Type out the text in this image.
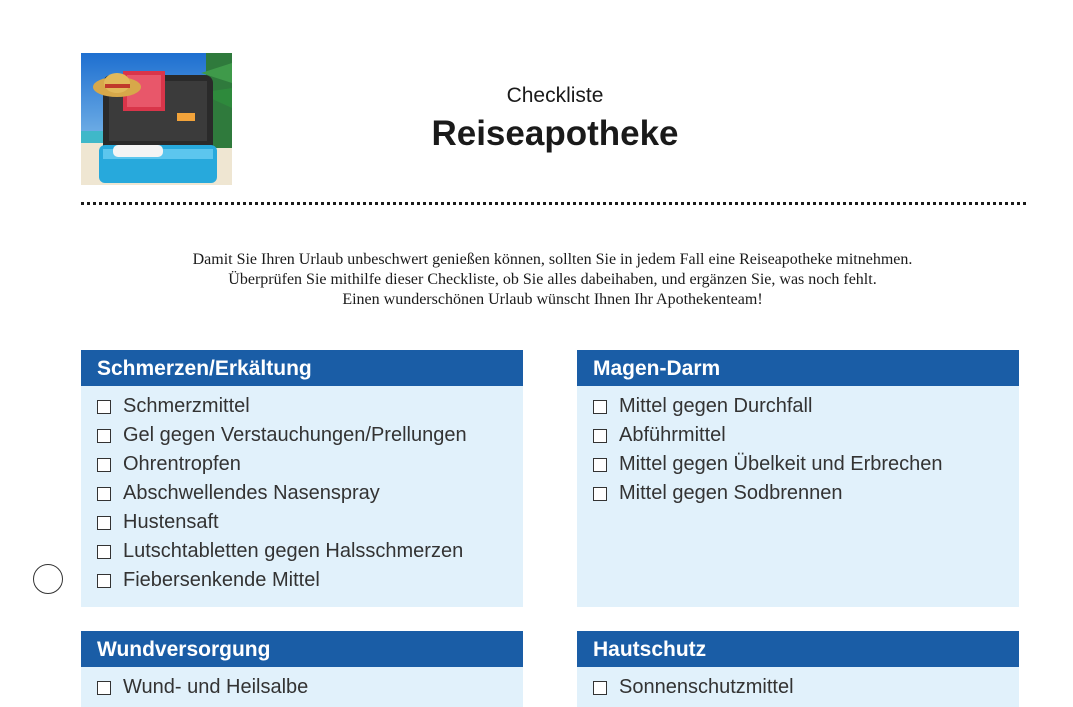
Checkliste
Reiseapotheke
Damit Sie Ihren Urlaub unbeschwert genießen können, sollten Sie in jedem Fall eine Reiseapotheke mitnehmen.
Überprüfen Sie mithilfe dieser Checkliste, ob Sie alles dabeihaben, und ergänzen Sie, was noch fehlt.
Einen wunderschönen Urlaub wünscht Ihnen Ihr Apothekenteam!
Schmerzen/Erkältung
Schmerzmittel
Gel gegen Verstauchungen/Prellungen
Ohrentropfen
Abschwellendes Nasenspray
Hustensaft
Lutschtabletten gegen Halsschmerzen
Fiebersenkende Mittel
Magen-Darm
Mittel gegen Durchfall
Abführmittel
Mittel gegen Übelkeit und Erbrechen
Mittel gegen Sodbrennen
Wundversorgung
Wund- und Heilsalbe
Hautschutz
Sonnenschutzmittel
